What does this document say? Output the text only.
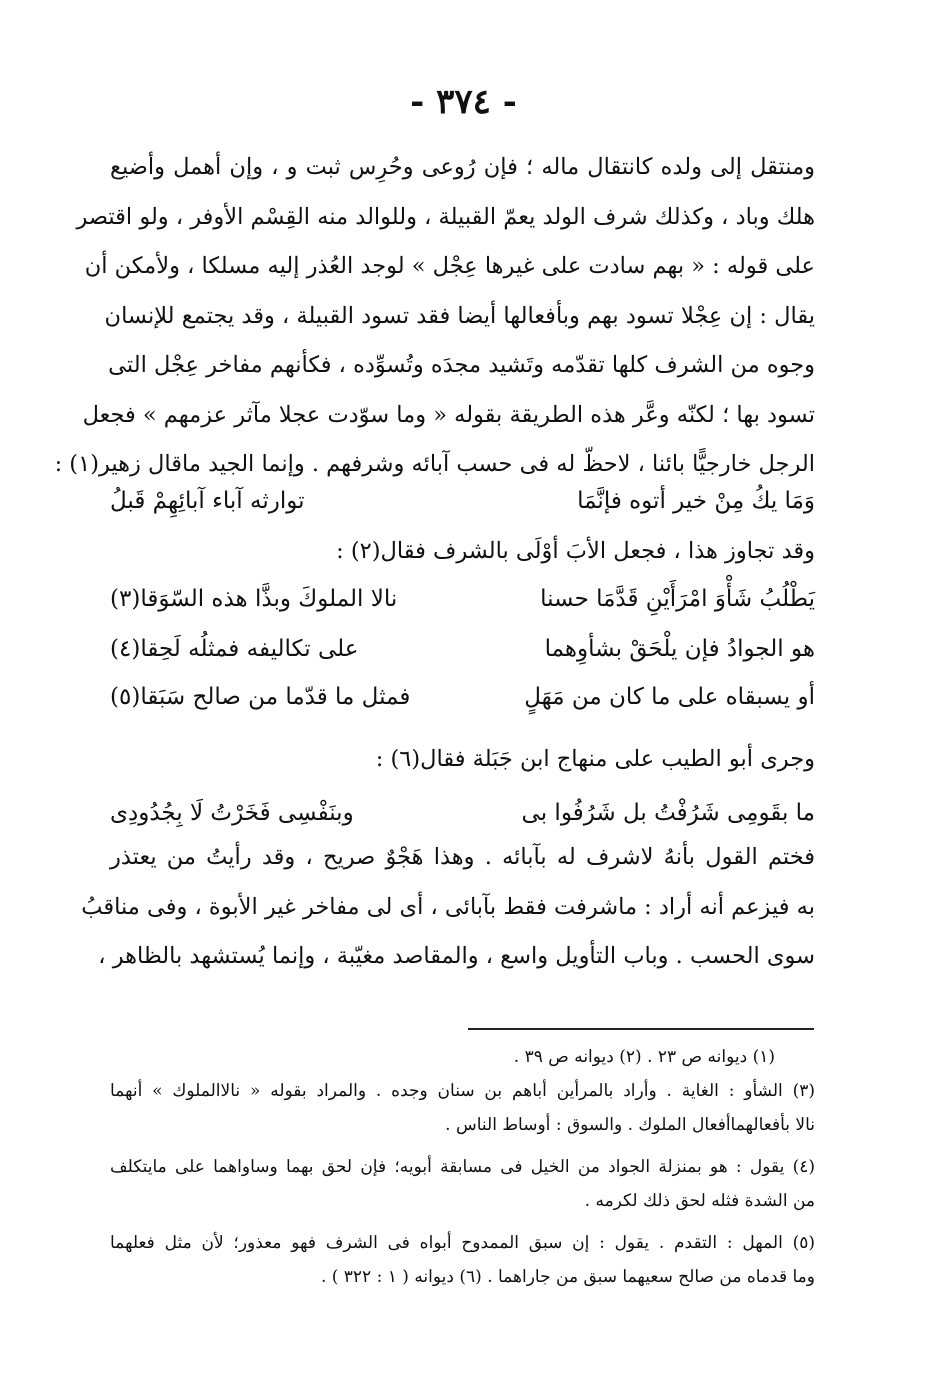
- ٣٧٤ -
ومنتقل إلى ولده كانتقال ماله ؛ فإن رُوعى وحُرِس ثبت و ، وإن أهمل وأضيع
هلك وباد ، وكذلك شرف الولد يعمّ القبيلة ، وللوالد منه القِسْم الأوفر ، ولو اقتصر
على قوله : « بهم سادت على غيرها عِجْل » لوجد العُذر إليه مسلكا ، ولأمكن أن
يقال : إن عِجْلا تسود بهم وبأفعالها أيضا فقد تسود القبيلة ، وقد يجتمع للإنسان
وجوه من الشرف كلها تقدّمه وتَشيد مجدَه وتُسوِّده ، فكأنهم مفاخر عِجْل التى
تسود بها ؛ لكنّه وعَّر هذه الطريقة بقوله « وما سوّدت عجلا مآثر عزمهم » فجعل
الرجل خارجيًّا بائنا ، لاحظّ له فى حسب آبائه وشرفهم . وإنما الجيد ماقال زهير(١) :
وَمَا يكُ مِنْ خير أتوه فإنَّمَا
توارثه آباء آبائِهِمْ قَبلُ
وقد تجاوز هذا ، فجعل الأبَ أوْلَى بالشرف فقال(٢) :
يَطْلُبُ شَأْوَ امْرَأَيْنِ قَدَّمَا حسنا
نالا الملوكَ وبذَّا هذه السّوَقا(٣)
هو الجوادُ فإن يلْحَقْ بشأوِهما
على تكاليفه فمثلُه لَحِقا(٤)
أو يسبقاه على ما كان من مَهَلٍ
فمثل ما قدّما من صالح سَبَقا(٥)
وجرى أبو الطيب على منهاج ابن جَبَلة فقال(٦) :
ما بقَومِى شَرُفْتُ بل شَرُفُوا بى
وبنَفْسِى فَخَرْتُ لَا بِجُدُودِى
فختم القول بأنهُ لاشرف له بآبائه . وهذا هَجْوٌ صريح ، وقد رأيتُ من يعتذر
به فيزعم أنه أراد : ماشرفت فقط بآبائى ، أى لى مفاخر غير الأبوة ، وفى مناقبُ
سوى الحسب . وباب التأويل واسع ، والمقاصد مغيّبة ، وإنما يُستشهد بالظاهر ،
(١) ديوانه ص ٢٣ . (٢) ديوانه ص ٣٩ .
(٣) الشأو : الغاية . وأراد بالمرأين أباهم بن سنان وجده . والمراد بقوله « نالاالملوك » أنهما
نالا بأفعالهماأفعال الملوك . والسوق : أوساط الناس .
(٤) يقول : هو بمنزلة الجواد من الخيل فى مسابقة أبويه؛ فإن لحق بهما وساواهما على مايتكلف
من الشدة فثله لحق ذلك لكرمه .
(٥) المهل : التقدم . يقول : إن سبق الممدوح أبواه فى الشرف فهو معذور؛ لأن مثل فعلهما
وما قدماه من صالح سعيهما سبق من جاراهما . (٦) ديوانه ( ١ : ٣٢٢ ) .
